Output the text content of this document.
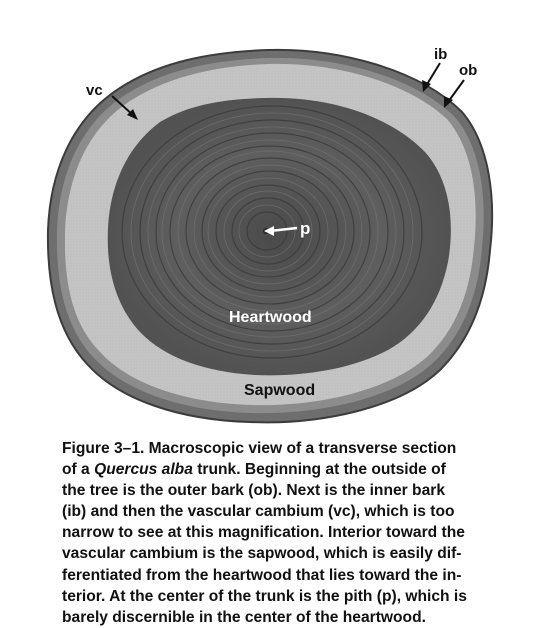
p
Heartwood
Sapwood
vc
ib
ob

Figure 3–1. Macroscopic view of a transverse section

of a Quercus alba trunk. Beginning at the outside of

the tree is the outer bark (ob). Next is the inner bark

(ib) and then the vascular cambium (vc), which is too

narrow to see at this magnification. Interior toward the

vascular cambium is the sapwood, which is easily dif-

ferentiated from the heartwood that lies toward the in-

terior. At the center of the trunk is the pith (p), which is

barely discernible in the center of the heartwood.
